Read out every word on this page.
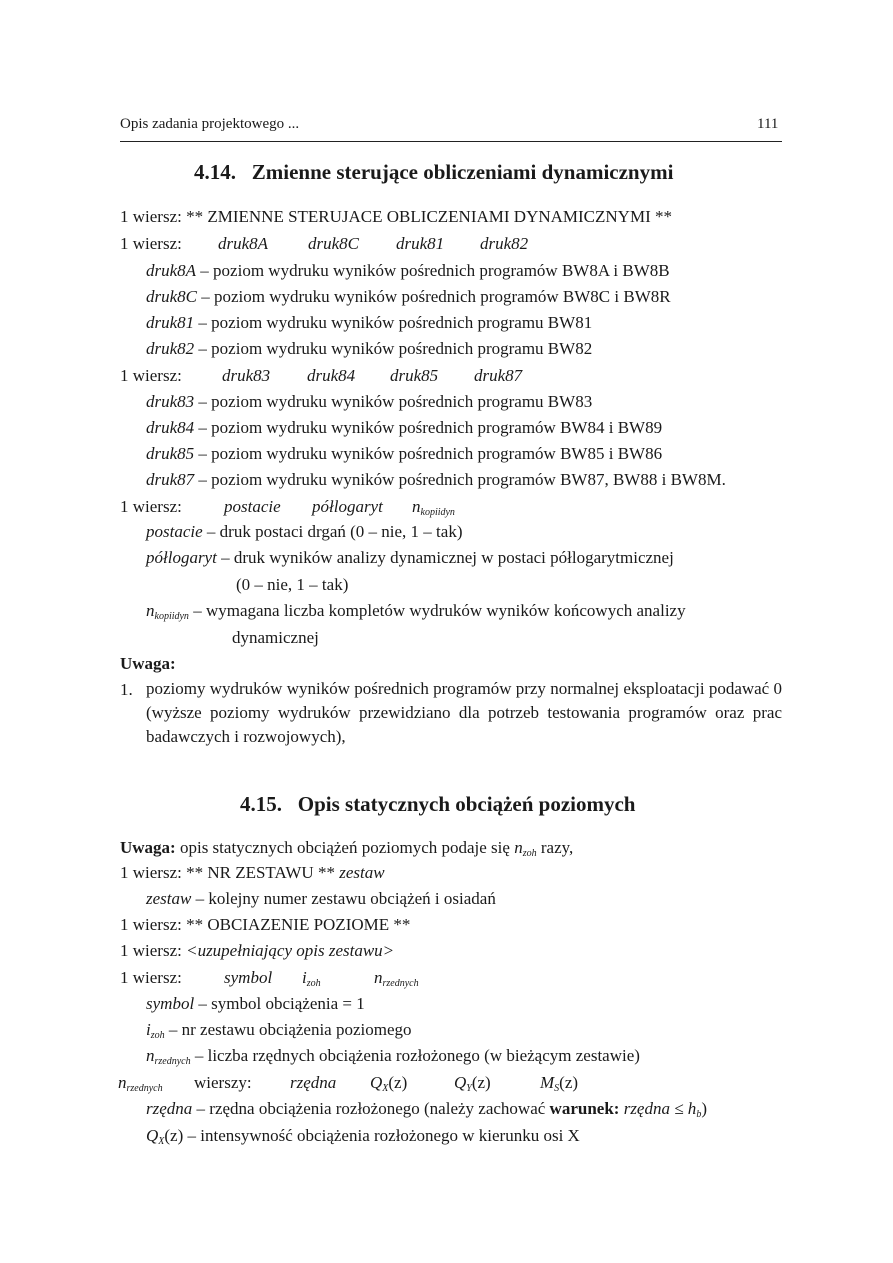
Opis zadania projektowego ...	111
4.14. Zmienne sterujące obliczeniami dynamicznymi
1 wiersz: ** ZMIENNE STERUJACE OBLICZENIAMI DYNAMICZNYMI **
1 wiersz: druk8A druk8C druk81 druk82
druk8A – poziom wydruku wyników pośrednich programów BW8A i BW8B
druk8C – poziom wydruku wyników pośrednich programów BW8C i BW8R
druk81 – poziom wydruku wyników pośrednich programu BW81
druk82 – poziom wydruku wyników pośrednich programu BW82
1 wiersz: druk83 druk84 druk85 druk87
druk83 – poziom wydruku wyników pośrednich programu BW83
druk84 – poziom wydruku wyników pośrednich programów BW84 i BW89
druk85 – poziom wydruku wyników pośrednich programów BW85 i BW86
druk87 – poziom wydruku wyników pośrednich programów BW87, BW88 i BW8M.
1 wiersz: postacie półlogaryt $n_{kopiidyn}$
postacie – druk postaci drgań (0 – nie, 1 – tak)
półlogaryt – druk wyników analizy dynamicznej w postaci półlogarytmicznej
(0 – nie, 1 – tak)
$n_{kopiidyn}$ – wymagana liczba kompletów wydruków wyników końcowych analizy
dynamicznej
Uwaga:
1. poziomy wydruków wyników pośrednich programów przy normalnej eksploatacji podawać 0 (wyższe poziomy wydruków przewidziano dla potrzeb testowania programów oraz prac badawczych i rozwojowych),
4.15. Opis statycznych obciążeń poziomych
Uwaga: opis statycznych obciążeń poziomych podaje się $n_{zoh}$ razy,
1 wiersz: ** NR ZESTAWU ** zestaw
zestaw – kolejny numer zestawu obciążeń i osiadań
1 wiersz: ** OBCIAZENIE POZIOME **
1 wiersz: <uzupełniający opis zestawu>
1 wiersz: symbol $i_{zoh}$	$n_{rzednych}$
symbol – symbol obciążenia = 1
$i_{zoh}$ – nr zestawu obciążenia poziomego
$n_{rzednych}$ – liczba rzędnych obciążenia rozłożonego (w bieżącym zestawie)
$n_{rzednych}$ wierszy: rzędna $Q_X(z)$	$Q_Y(z)$	$M_S(z)$
rzędna – rzędna obciążenia rozłożonego (należy zachować warunek: rzędna ≤ $h_b$)
$Q_X(z)$ – intensywność obciążenia rozłożonego w kierunku osi X
